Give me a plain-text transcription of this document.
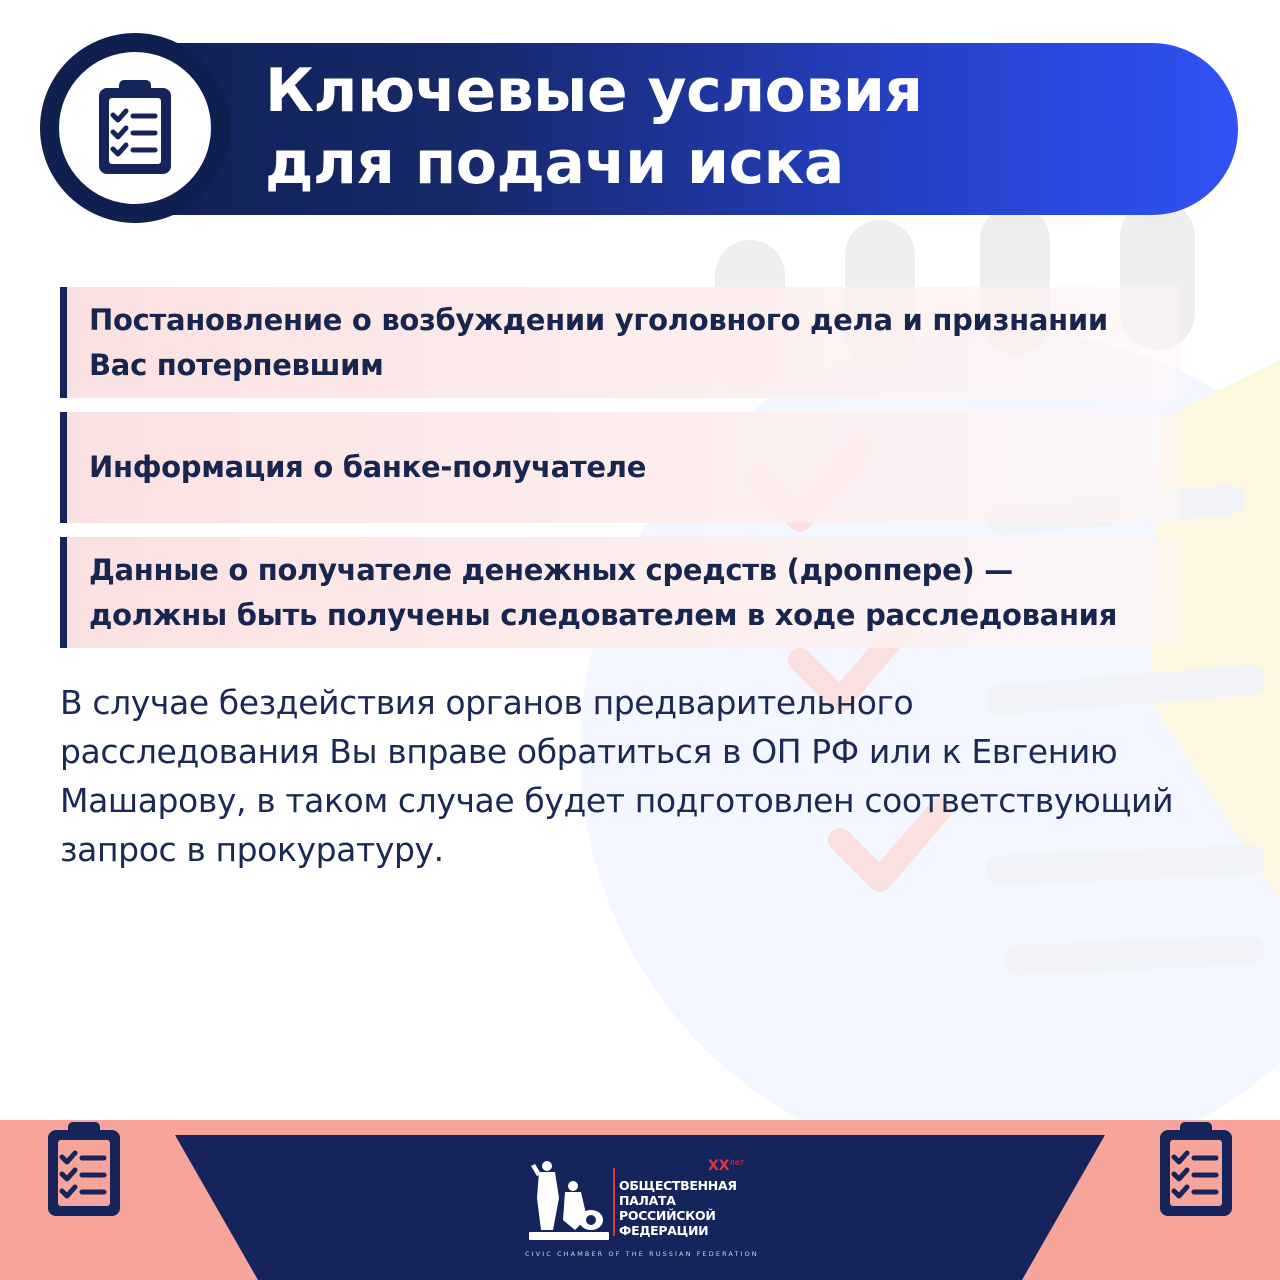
Ключевые условия
для подачи иска
Постановление о возбуждении уголовного дела и признании
Вас потерпевшим
Информация о банке-получателе
Данные о получателе денежных средств (дроппере) —
должны быть получены следователем в ходе расследования

В случае бездействия органов предварительного
расследования Вы вправе обратиться в ОП РФ или к Евгению
Машарову, в таком случае будет подготовлен соответствующий
запрос в прокуратуру.

$XX^{лет}$
ОБЩЕСТВЕННАЯ
ПАЛАТА
РОССИЙСКОЙ
ФЕДЕРАЦИИ
CIVIC CHAMBER OF THE RUSSIAN FEDERATION
